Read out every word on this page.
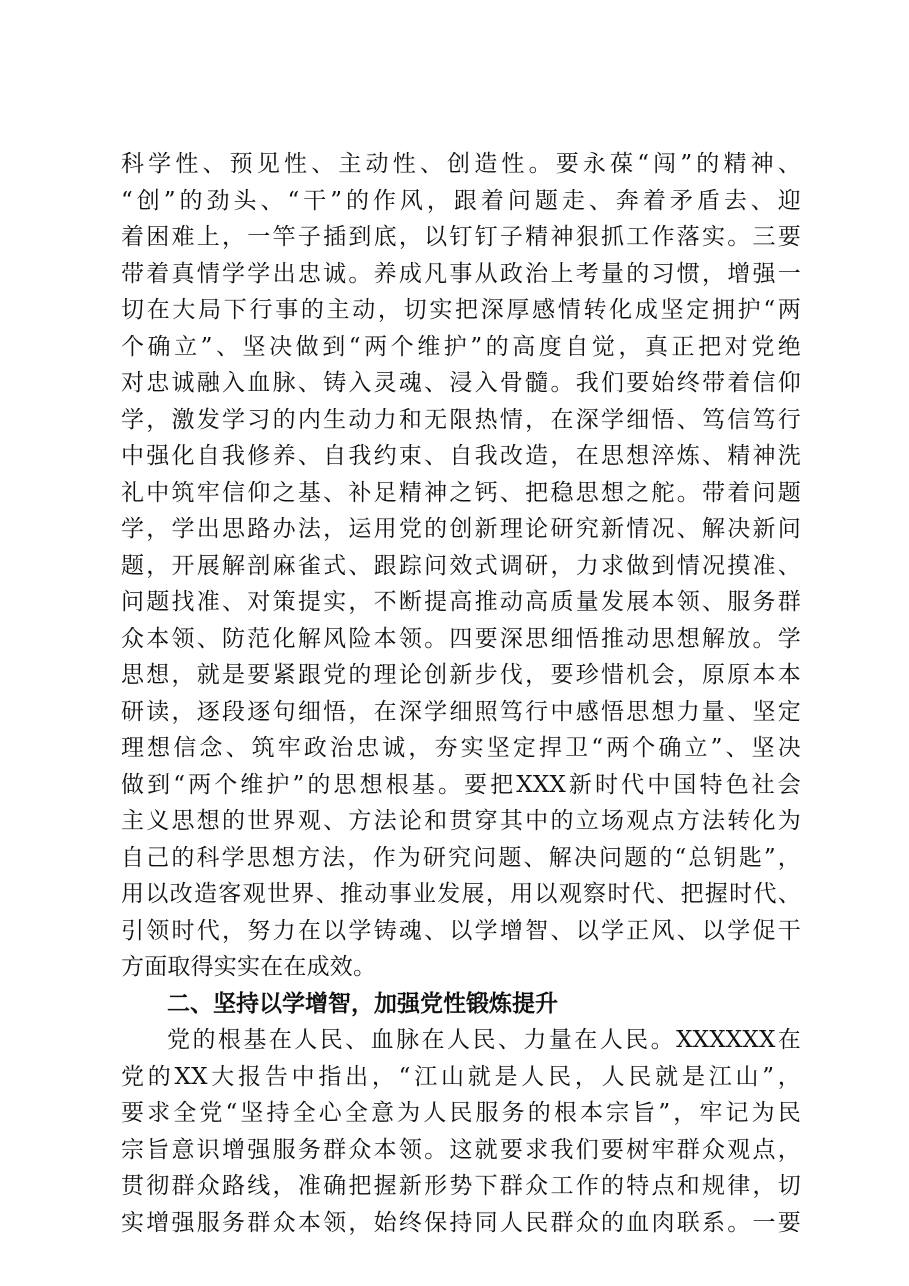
科学性、预见性、主动性、创造性。要永葆“闯”的精神、
“创”的劲头、“干”的作风，跟着问题走、奔着矛盾去、迎
着困难上，一竿子插到底，以钉钉子精神狠抓工作落实。三要
带着真情学学出忠诚。养成凡事从政治上考量的习惯，增强一
切在大局下行事的主动，切实把深厚感情转化成坚定拥护“两
个确立”、坚决做到“两个维护”的高度自觉，真正把对党绝
对忠诚融入血脉、铸入灵魂、浸入骨髓。我们要始终带着信仰
学，激发学习的内生动力和无限热情，在深学细悟、笃信笃行
中强化自我修养、自我约束、自我改造，在思想淬炼、精神洗
礼中筑牢信仰之基、补足精神之钙、把稳思想之舵。带着问题
学，学出思路办法，运用党的创新理论研究新情况、解决新问
题，开展解剖麻雀式、跟踪问效式调研，力求做到情况摸准、
问题找准、对策提实，不断提高推动高质量发展本领、服务群
众本领、防范化解风险本领。四要深思细悟推动思想解放。学
思想，就是要紧跟党的理论创新步伐，要珍惜机会，原原本本
研读，逐段逐句细悟，在深学细照笃行中感悟思想力量、坚定
理想信念、筑牢政治忠诚，夯实坚定捍卫“两个确立”、坚决
做到“两个维护”的思想根基。要把XXX新时代中国特色社会
主义思想的世界观、方法论和贯穿其中的立场观点方法转化为
自己的科学思想方法，作为研究问题、解决问题的“总钥匙”，
用以改造客观世界、推动事业发展，用以观察时代、把握时代、
引领时代，努力在以学铸魂、以学增智、以学正风、以学促干
方面取得实实在在成效。
二、坚持以学增智，加强党性锻炼提升
党的根基在人民、血脉在人民、力量在人民。XXXXXX在
党的XX大报告中指出，“江山就是人民，人民就是江山”，
要求全党“坚持全心全意为人民服务的根本宗旨”，牢记为民
宗旨意识增强服务群众本领。这就要求我们要树牢群众观点，
贯彻群众路线，准确把握新形势下群众工作的特点和规律，切
实增强服务群众本领，始终保持同人民群众的血肉联系。一要
